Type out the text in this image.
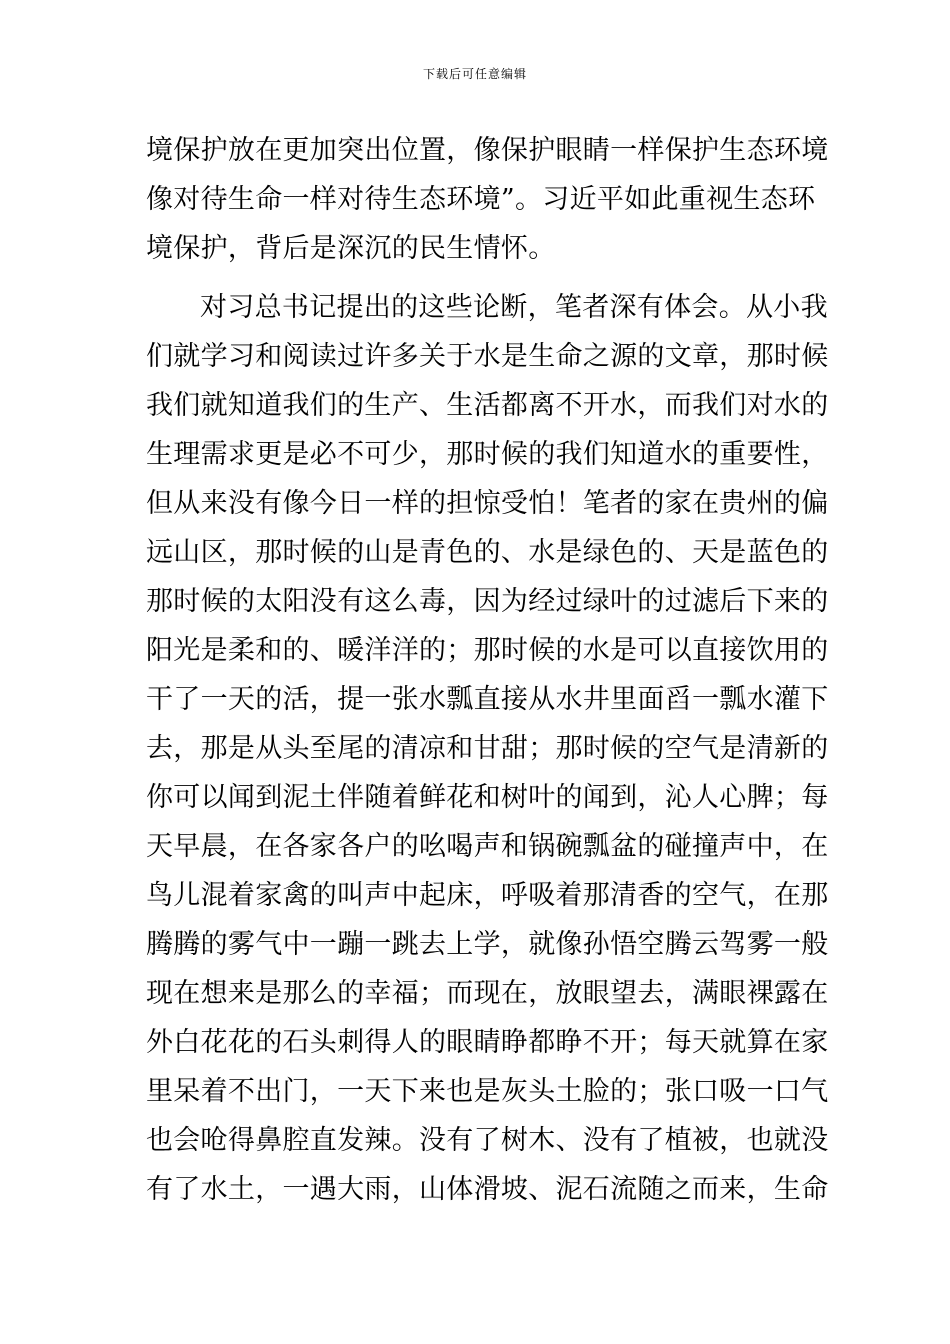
下载后可任意编辑
境保护放在更加突出位置，像保护眼睛一样保护生态环境
像对待生命一样对待生态环境”。习近平如此重视生态环
境保护，背后是深沉的民生情怀。
对习总书记提出的这些论断，笔者深有体会。从小我
们就学习和阅读过许多关于水是生命之源的文章，那时候
我们就知道我们的生产、生活都离不开水，而我们对水的
生理需求更是必不可少，那时候的我们知道水的重要性，
但从来没有像今日一样的担惊受怕！笔者的家在贵州的偏
远山区，那时候的山是青色的、水是绿色的、天是蓝色的
那时候的太阳没有这么毒，因为经过绿叶的过滤后下来的
阳光是柔和的、暖洋洋的；那时候的水是可以直接饮用的
干了一天的活，提一张水瓢直接从水井里面舀一瓢水灌下
去，那是从头至尾的清凉和甘甜；那时候的空气是清新的
你可以闻到泥土伴随着鲜花和树叶的闻到，沁人心脾；每
天早晨，在各家各户的吆喝声和锅碗瓢盆的碰撞声中，在
鸟儿混着家禽的叫声中起床，呼吸着那清香的空气，在那
腾腾的雾气中一蹦一跳去上学，就像孙悟空腾云驾雾一般
现在想来是那么的幸福；而现在，放眼望去，满眼裸露在
外白花花的石头刺得人的眼睛睁都睁不开；每天就算在家
里呆着不出门，一天下来也是灰头土脸的；张口吸一口气
也会呛得鼻腔直发辣。没有了树木、没有了植被，也就没
有了水土，一遇大雨，山体滑坡、泥石流随之而来，生命
